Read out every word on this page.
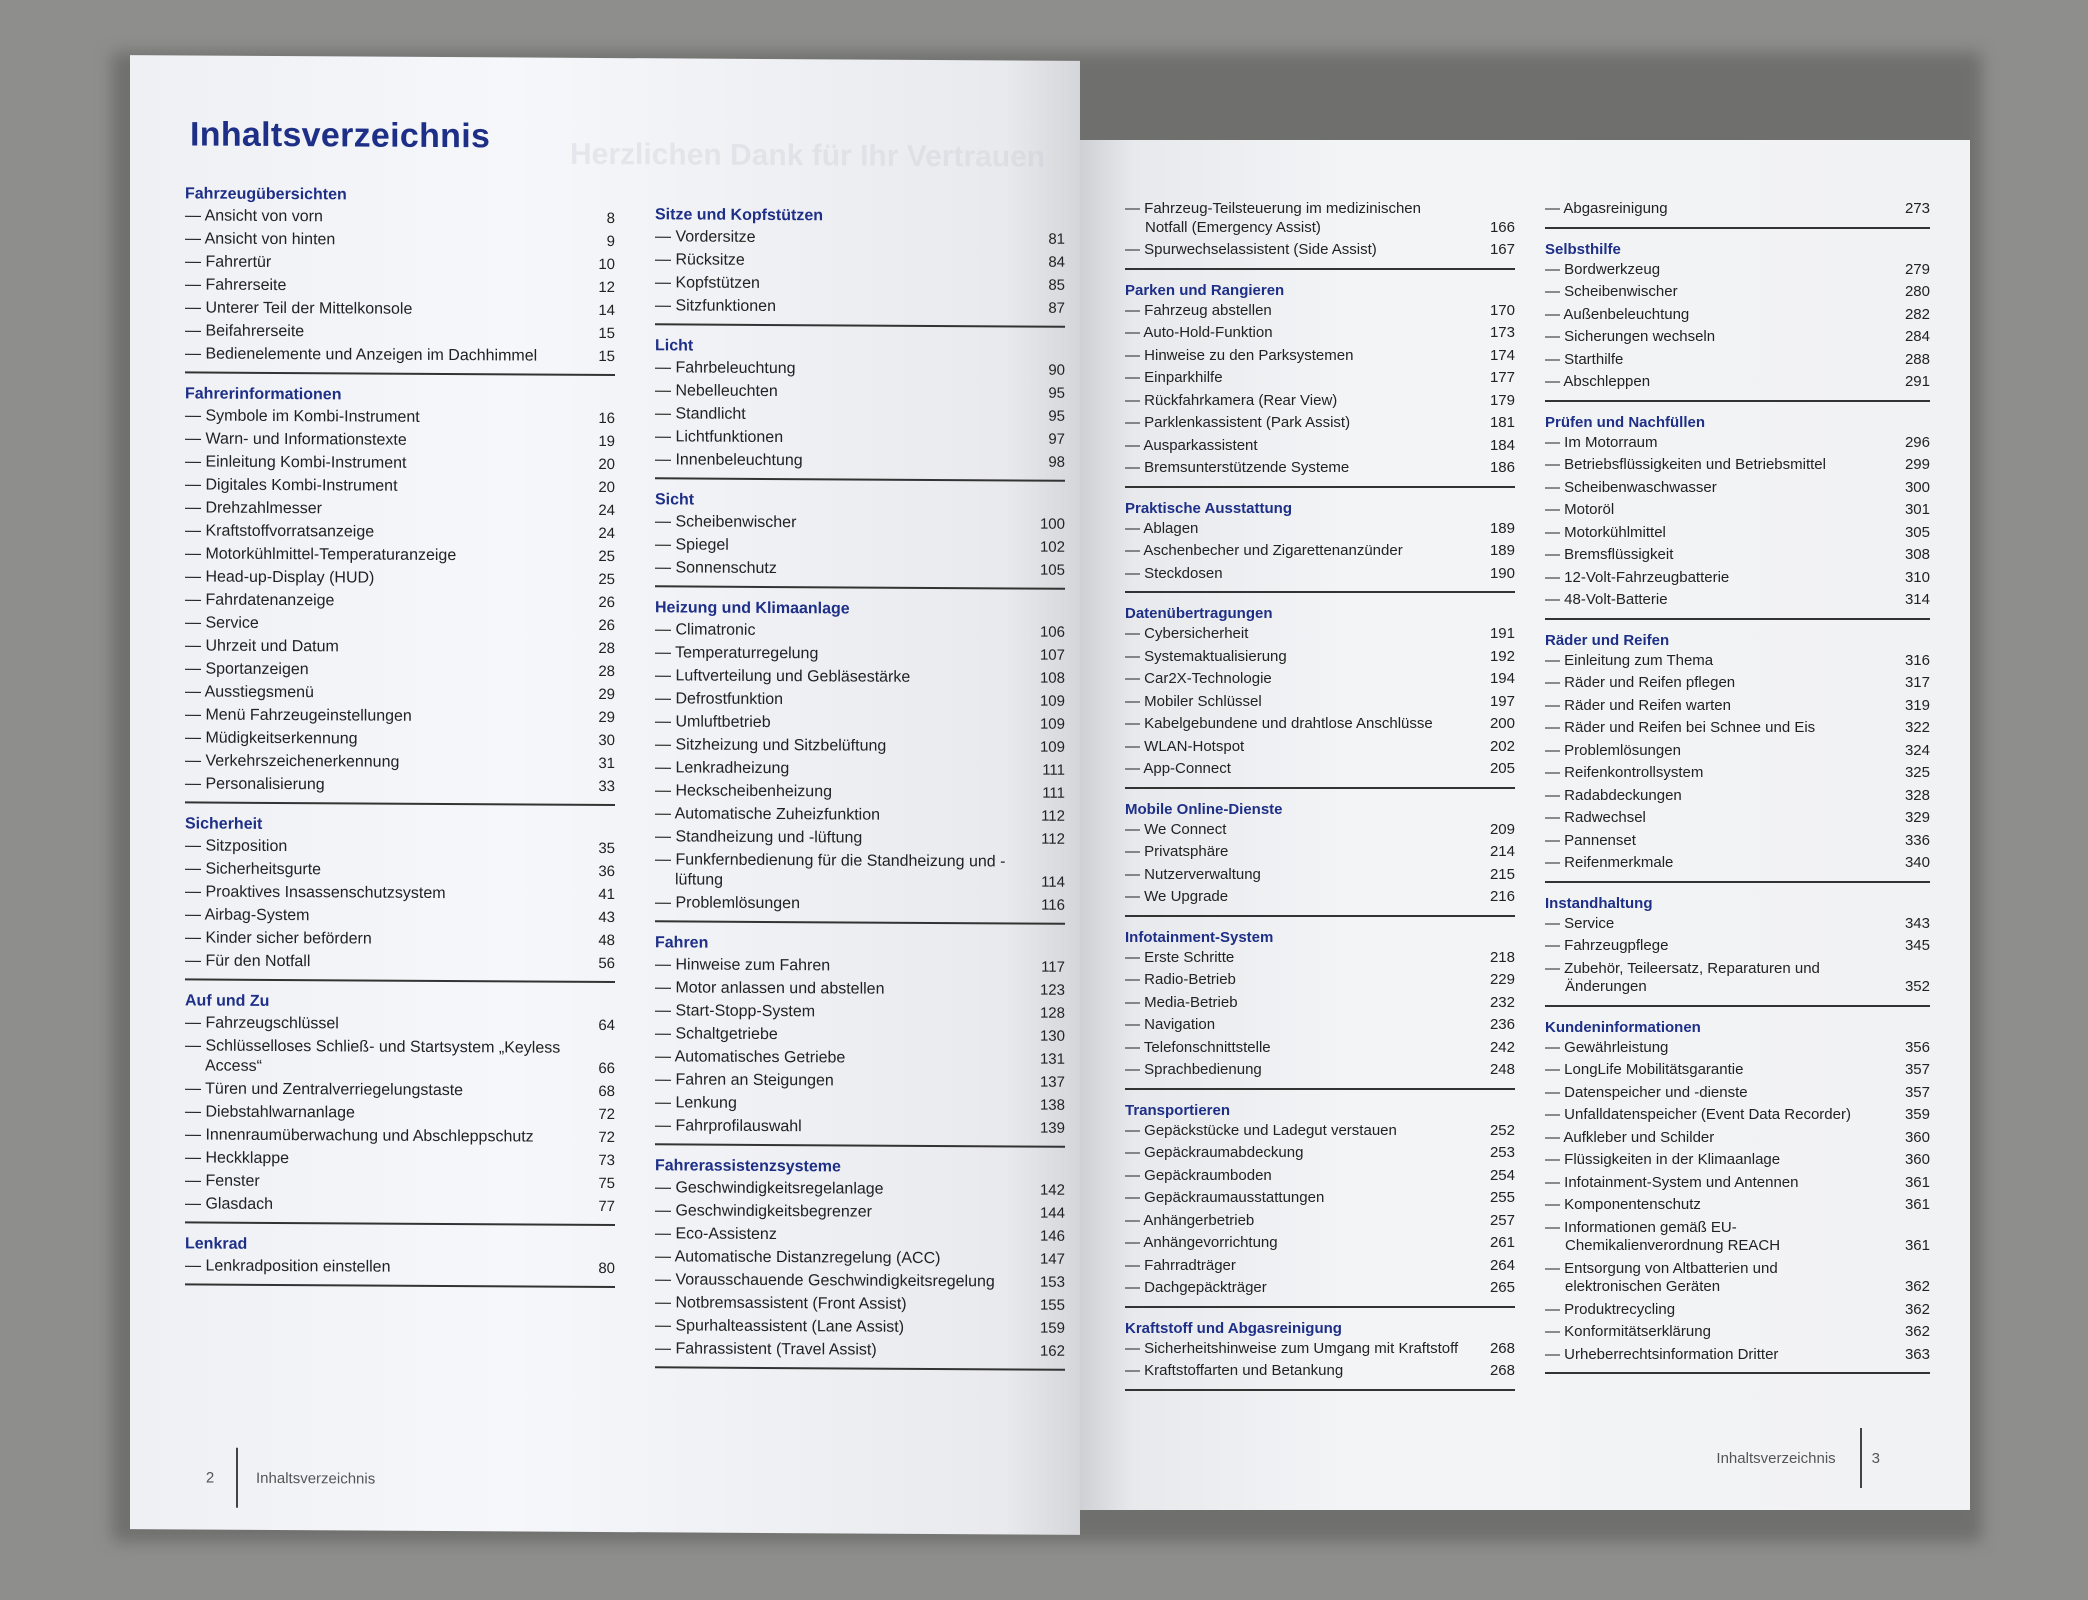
Herzlichen Dank für Ihr Vertrauen
Inhaltsverzeichnis
Fahrzeugübersichten
— Ansicht von vorn	8
— Ansicht von hinten	9
— Fahrertür	10
— Fahrerseite	12
— Unterer Teil der Mittelkonsole	14
— Beifahrerseite	15
— Bedienelemente und Anzeigen im Dachhimmel	15
Fahrerinformationen
— Symbole im Kombi-Instrument	16
— Warn- und Informationstexte	19
— Einleitung Kombi-Instrument	20
— Digitales Kombi-Instrument	20
— Drehzahlmesser	24
— Kraftstoffvorratsanzeige	24
— Motorkühlmittel-Temperaturanzeige	25
— Head-up-Display (HUD)	25
— Fahrdatenanzeige	26
— Service	26
— Uhrzeit und Datum	28
— Sportanzeigen	28
— Ausstiegsmenü	29
— Menü Fahrzeugeinstellungen	29
— Müdigkeitserkennung	30
— Verkehrszeichenerkennung	31
— Personalisierung	33
Sicherheit
— Sitzposition	35
— Sicherheitsgurte	36
— Proaktives Insassenschutzsystem	41
— Airbag-System	43
— Kinder sicher befördern	48
— Für den Notfall	56
Auf und Zu
— Fahrzeugschlüssel	64
— Schlüsselloses Schließ- und Startsystem „Keyless Access“	66
— Türen und Zentralverriegelungstaste	68
— Diebstahlwarnanlage	72
— Innenraumüberwachung und Abschleppschutz	72
— Heckklappe	73
— Fenster	75
— Glasdach	77
Lenkrad
— Lenkradposition einstellen	80
Sitze und Kopfstützen
— Vordersitze	81
— Rücksitze	84
— Kopfstützen	85
— Sitzfunktionen	87
Licht
— Fahrbeleuchtung	90
— Nebelleuchten	95
— Standlicht	95
— Lichtfunktionen	97
— Innenbeleuchtung	98
Sicht
— Scheibenwischer	100
— Spiegel	102
— Sonnenschutz	105
Heizung und Klimaanlage
— Climatronic	106
— Temperaturregelung	107
— Luftverteilung und Gebläsestärke	108
— Defrostfunktion	109
— Umluftbetrieb	109
— Sitzheizung und Sitzbelüftung	109
— Lenkradheizung	111
— Heckscheibenheizung	111
— Automatische Zuheizfunktion	112
— Standheizung und -lüftung	112
— Funkfernbedienung für die Standheizung und -lüftung	114
— Problemlösungen	116
Fahren
— Hinweise zum Fahren	117
— Motor anlassen und abstellen	123
— Start-Stopp-System	128
— Schaltgetriebe	130
— Automatisches Getriebe	131
— Fahren an Steigungen	137
— Lenkung	138
— Fahrprofilauswahl	139
Fahrerassistenzsysteme
— Geschwindigkeitsregelanlage	142
— Geschwindigkeitsbegrenzer	144
— Eco-Assistenz	146
— Automatische Distanzregelung (ACC)	147
— Vorausschauende Geschwindigkeitsregelung	153
— Notbremsassistent (Front Assist)	155
— Spurhalteassistent (Lane Assist)	159
— Fahrassistent (Travel Assist)	162
2	Inhaltsverzeichnis
— Fahrzeug-Teilsteuerung im medizinischen Notfall (Emergency Assist)	166
— Spurwechselassistent (Side Assist)	167
Parken und Rangieren
— Fahrzeug abstellen	170
— Auto-Hold-Funktion	173
— Hinweise zu den Parksystemen	174
— Einparkhilfe	177
— Rückfahrkamera (Rear View)	179
— Parklenkassistent (Park Assist)	181
— Ausparkassistent	184
— Bremsunterstützende Systeme	186
Praktische Ausstattung
— Ablagen	189
— Aschenbecher und Zigarettenanzünder	189
— Steckdosen	190
Datenübertragungen
— Cybersicherheit	191
— Systemaktualisierung	192
— Car2X-Technologie	194
— Mobiler Schlüssel	197
— Kabelgebundene und drahtlose Anschlüsse	200
— WLAN-Hotspot	202
— App-Connect	205
Mobile Online-Dienste
— We Connect	209
— Privatsphäre	214
— Nutzerverwaltung	215
— We Upgrade	216
Infotainment-System
— Erste Schritte	218
— Radio-Betrieb	229
— Media-Betrieb	232
— Navigation	236
— Telefonschnittstelle	242
— Sprachbedienung	248
Transportieren
— Gepäckstücke und Ladegut verstauen	252
— Gepäckraumabdeckung	253
— Gepäckraumboden	254
— Gepäckraumausstattungen	255
— Anhängerbetrieb	257
— Anhängevorrichtung	261
— Fahrradträger	264
— Dachgepäckträger	265
Kraftstoff und Abgasreinigung
— Sicherheitshinweise zum Umgang mit Kraftstoff	268
— Kraftstoffarten und Betankung	268
— Abgasreinigung	273
Selbsthilfe
— Bordwerkzeug	279
— Scheibenwischer	280
— Außenbeleuchtung	282
— Sicherungen wechseln	284
— Starthilfe	288
— Abschleppen	291
Prüfen und Nachfüllen
— Im Motorraum	296
— Betriebsflüssigkeiten und Betriebsmittel	299
— Scheibenwaschwasser	300
— Motoröl	301
— Motorkühlmittel	305
— Bremsflüssigkeit	308
— 12-Volt-Fahrzeugbatterie	310
— 48-Volt-Batterie	314
Räder und Reifen
— Einleitung zum Thema	316
— Räder und Reifen pflegen	317
— Räder und Reifen warten	319
— Räder und Reifen bei Schnee und Eis	322
— Problemlösungen	324
— Reifenkontrollsystem	325
— Radabdeckungen	328
— Radwechsel	329
— Pannenset	336
— Reifenmerkmale	340
Instandhaltung
— Service	343
— Fahrzeugpflege	345
— Zubehör, Teileersatz, Reparaturen und Änderungen	352
Kundeninformationen
— Gewährleistung	356
— LongLife Mobilitätsgarantie	357
— Datenspeicher und -dienste	357
— Unfalldatenspeicher (Event Data Recorder)	359
— Aufkleber und Schilder	360
— Flüssigkeiten in der Klimaanlage	360
— Infotainment-System und Antennen	361
— Komponentenschutz	361
— Informationen gemäß EU-Chemikalienverordnung REACH	361
— Entsorgung von Altbatterien und elektronischen Geräten	362
— Produktrecycling	362
— Konformitätserklärung	362
— Urheberrechtsinformation Dritter	363
Inhaltsverzeichnis 3
